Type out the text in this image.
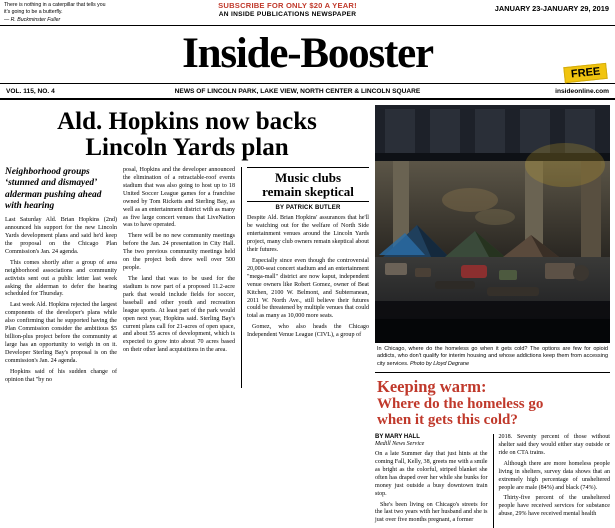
There is nothing in a caterpillar that tells you it's going to be a butterfly.
— R. Buckminster Fuller
SUBSCRIBE FOR ONLY $20 A YEAR!
AN INSIDE PUBLICATIONS NEWSPAPER
JANUARY 23-JANUARY 29, 2019
Inside-Booster	FREE
VOL. 115, NO. 4	NEWS OF LINCOLN PARK, LAKE VIEW, NORTH CENTER & LINCOLN SQUARE	insideonline.com
Ald. Hopkins now backs
Lincoln Yards plan
Neighborhood groups ‘stunned and dismayed’ alderman pushing ahead with hearing

Last Saturday Ald. Brian Hopkins (2nd) announced his support for the new Lincoln Yards development plans and said he'd keep the proposal on the Chicago Plan Commission's Jan. 24 agenda.

This comes shortly after a group of area neighborhood associations and community activists sent out a public letter last week asking the alderman to defer the hearing scheduled for Thursday.

Last week Ald. Hopkins rejected the largest components of the developer's plans while also confirming that he supported having the Plan Commission consider the ambitious $5 billion-plus project before the community at large has an opportunity to weigh in on it. Developer Sterling Bay's proposal is on the commission's Jan. 24 agenda.

Hopkins said of his sudden change of opinion that "by no

posal, Hopkins and the developer announced the elimination of a retractable-roof events stadium that was also going to host up to 18 United Soccer League games for a franchise owned by Tom Ricketts and Sterling Bay, as well as an entertainment district with as many as five large concert venues that LiveNation was to have operated.

There will be no new community meetings before the Jan. 24 presentation in City Hall. The two previous community meetings held on the project both drew well over 500 people.

The land that was to be used for the stadium is now part of a proposed 11.2-acre park that would include fields for soccer, baseball and other youth and recreation league sports. At least part of the park would open next year, Hopkins said. Sterling Bay's current plans call for 21-acres of open space, and about 55 acres of development, which is expected to grow into about 70 acres based on their other land acquisitions in the area.

Music clubs
remain skeptical
BY PATRICK BUTLER

Despite Ald. Brian Hopkins' assurances that he'll be watching out for the welfare of North Side entertainment venues around the Lincoln Yards project, many club owners remain skeptical about their futures.

Especially since even though the controversial 20,000-seat concert stadium and an entertainment "mega-mall" district are now kaput, independent venue owners like Robert Gomez, owner of Beat Kitchen, 2100 W. Belmont, and Subterranean, 2011 W. North Ave., still believe their futures could be threatened by multiple venues that could total as many as 10,000 more seats.

Gomez, who also heads the Chicago Independent Venue League (CIVL), a group of

In Chicago, where do the homeless go when it gets cold? The options are few for opioid addicts, who don't qualify for interim housing and whose addictions keep them from accessing city services. Photo by Lloyd Degrane
Keeping warm:
Where do the homeless go
when it gets this cold?
BY MARY HALL
Medill News Service

On a late Summer day that just hints at the coming Fall, Kelly, 38, greets me with a smile as bright as the colorful, striped blanket she often has draped over her while she bunks for money just outside a busy downtown train stop.

She's been living on Chicago's streets for the last two years with her husband and she is just over five months pregnant, a former

2018. Seventy percent of those without shelter said they would either stay outside or ride on CTA trains.

Although there are more homeless people living in shelters, survey data shows that an extremely high percentage of unsheltered people are male (84%) and black (74%).

Thirty-five percent of the unsheltered people have received services for substance abuse, 29% have received mental health
